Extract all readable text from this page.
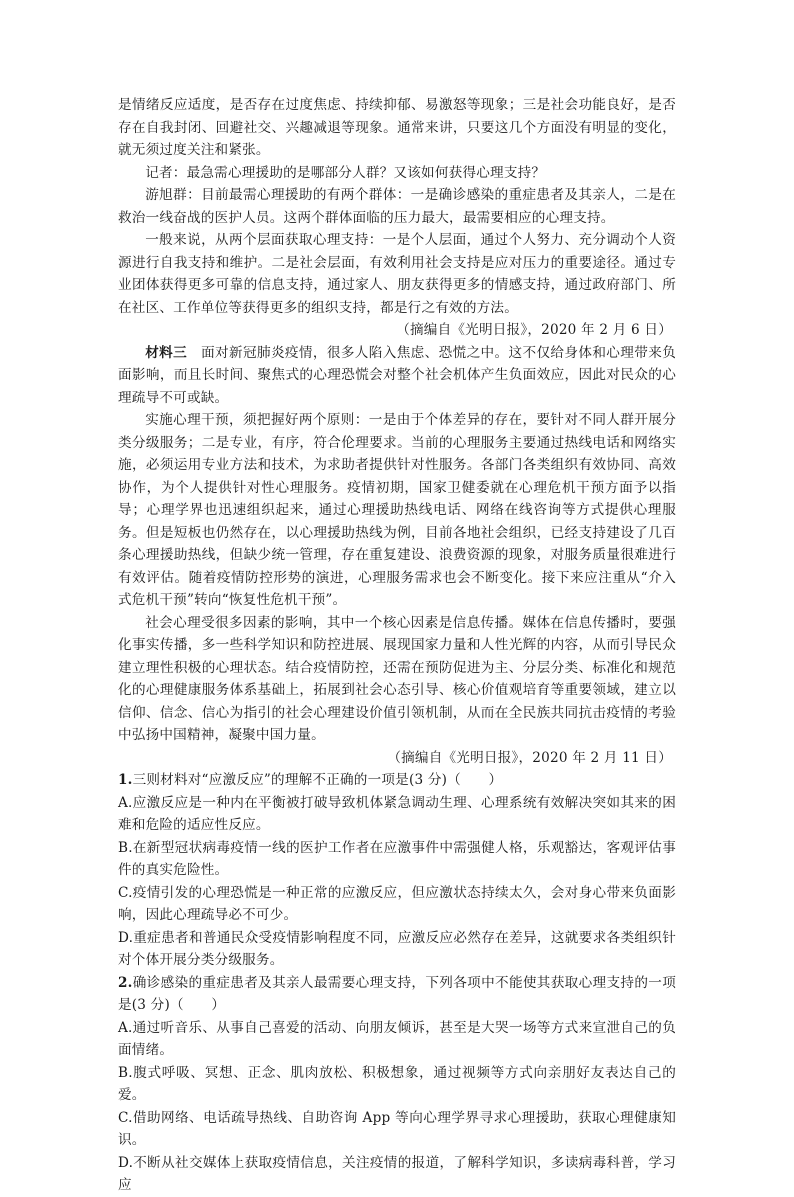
是情绪反应适度，是否存在过度焦虑、持续抑郁、易激怒等现象；三是社会功能良好，是否存在自我封闭、回避社交、兴趣减退等现象。通常来讲，只要这几个方面没有明显的变化，就无须过度关注和紧张。

记者：最急需心理援助的是哪部分人群？又该如何获得心理支持？

游旭群：目前最需心理援助的有两个群体：一是确诊感染的重症患者及其亲人，二是在救治一线奋战的医护人员。这两个群体面临的压力最大，最需要相应的心理支持。

一般来说，从两个层面获取心理支持：一是个人层面，通过个人努力、充分调动个人资源进行自我支持和维护。二是社会层面，有效利用社会支持是应对压力的重要途径。通过专业团体获得更多可靠的信息支持，通过家人、朋友获得更多的情感支持，通过政府部门、所在社区、工作单位等获得更多的组织支持，都是行之有效的方法。

（摘编自《光明日报》，2020 年 2 月 6 日）

材料三　面对新冠肺炎疫情，很多人陷入焦虑、恐慌之中。这不仅给身体和心理带来负面影响，而且长时间、聚焦式的心理恐慌会对整个社会机体产生负面效应，因此对民众的心理疏导不可或缺。

实施心理干预，须把握好两个原则：一是由于个体差异的存在，要针对不同人群开展分类分级服务；二是专业，有序，符合伦理要求。当前的心理服务主要通过热线电话和网络实施，必须运用专业方法和技术，为求助者提供针对性服务。各部门各类组织有效协同、高效协作，为个人提供针对性心理服务。疫情初期，国家卫健委就在心理危机干预方面予以指导；心理学界也迅速组织起来，通过心理援助热线电话、网络在线咨询等方式提供心理服务。但是短板也仍然存在，以心理援助热线为例，目前各地社会组织，已经支持建设了几百条心理援助热线，但缺少统一管理，存在重复建设、浪费资源的现象，对服务质量很难进行有效评估。随着疫情防控形势的演进，心理服务需求也会不断变化。接下来应注重从“介入式危机干预”转向“恢复性危机干预”。

社会心理受很多因素的影响，其中一个核心因素是信息传播。媒体在信息传播时，要强化事实传播，多一些科学知识和防控进展、展现国家力量和人性光辉的内容，从而引导民众建立理性积极的心理状态。结合疫情防控，还需在预防促进为主、分层分类、标准化和规范化的心理健康服务体系基础上，拓展到社会心态引导、核心价值观培育等重要领域，建立以信仰、信念、信心为指引的社会心理建设价值引领机制，从而在全民族共同抗击疫情的考验中弘扬中国精神，凝聚中国力量。

（摘编自《光明日报》，2020 年 2 月 11 日）

1.三则材料对“应激反应”的理解不正确的一项是(3 分)（　　）

A.应激反应是一种内在平衡被打破导致机体紧急调动生理、心理系统有效解决突如其来的困难和危险的适应性反应。

B.在新型冠状病毒疫情一线的医护工作者在应激事件中需强健人格，乐观豁达，客观评估事件的真实危险性。

C.疫情引发的心理恐慌是一种正常的应激反应，但应激状态持续太久，会对身心带来负面影响，因此心理疏导必不可少。

D.重症患者和普通民众受疫情影响程度不同，应激反应必然存在差异，这就要求各类组织针对个体开展分类分级服务。

2.确诊感染的重症患者及其亲人最需要心理支持，下列各项中不能使其获取心理支持的一项是(3 分)（　　）

A.通过听音乐、从事自己喜爱的活动、向朋友倾诉，甚至是大哭一场等方式来宣泄自己的负面情绪。

B.腹式呼吸、冥想、正念、肌肉放松、积极想象，通过视频等方式向亲朋好友表达自己的爱。

C.借助网络、电话疏导热线、自助咨询 App 等向心理学界寻求心理援助，获取心理健康知识。

D.不断从社交媒体上获取疫情信息，关注疫情的报道，了解科学知识，多读病毒科普，学习应
